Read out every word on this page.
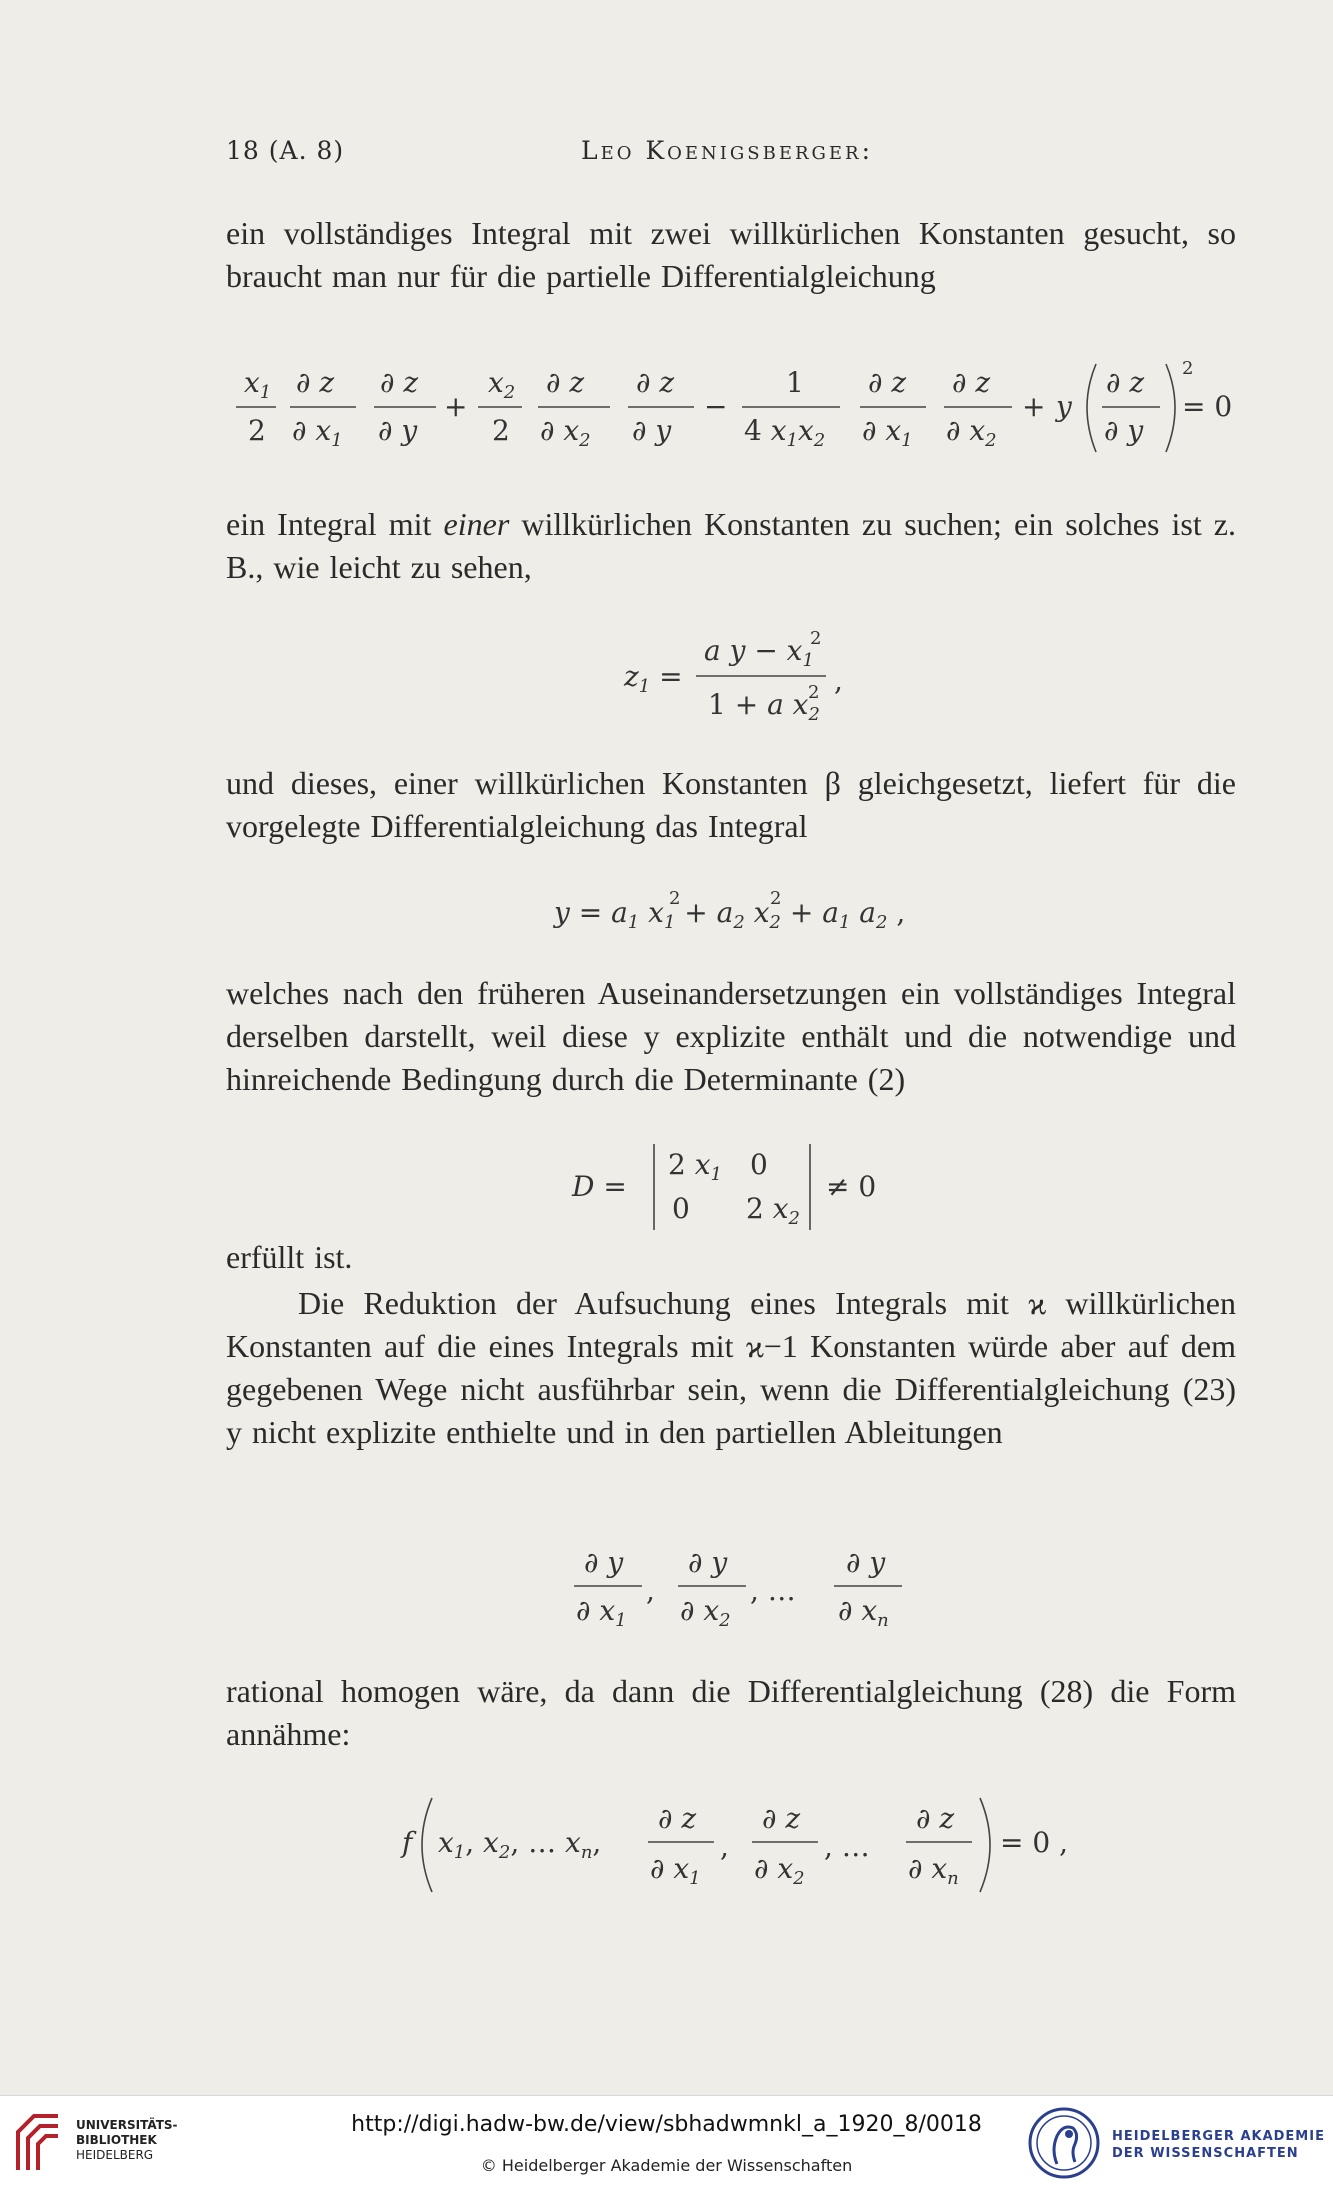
18 (A. 8)	Leo Koenigsberger:

ein vollständiges Integral mit zwei willkürlichen Konstanten gesucht, so braucht man nur für die partielle Differentialgleichung

$x_1$
2
∂ z
∂ $x_1$
∂ z
∂ y
+
$x_2$
2
∂ z
∂ $x_2$
∂ z
∂ y
−
1
4 $x_1x_2$
∂ z
∂ $x_1$
∂ z
∂ $x_2$
+ y
∂ z
∂ y
2
= 0

ein Integral mit einer willkürlichen Konstanten zu suchen; ein solches ist z. B., wie leicht zu sehen,

$z_1$ =
a $y - x_1$
2
1 + a $x_2$
2 ,

und dieses, einer willkürlichen Konstanten β gleichgesetzt, liefert für die vorgelegte Differentialgleichung das Integral

$y = a_1$ $x_1 + a_2$ $x_2 + a_1$ $a_2$ ,
2	2

welches nach den früheren Auseinandersetzungen ein vollständiges Integral derselben darstellt, weil diese y explizite enthält und die notwendige und hinreichende Bedingung durch die Determinante (2)

D =
2 $x_1$ 0
0 2 $x_2$
≠ 0

erfüllt ist.

Die Reduktion der Aufsuchung eines Integrals mit ϰ willkürlichen Konstanten auf die eines Integrals mit ϰ−1 Konstanten würde aber auf dem gegebenen Wege nicht ausführbar sein, wenn die Differentialgleichung (23) y nicht explizite enthielte und in den partiellen Ableitungen

∂ y
∂ $x_1$
,
∂ y
∂ $x_2$
, …
∂ y
∂ $x_n$

rational homogen wäre, da dann die Differentialgleichung (28) die Form annähme:

f $x_1$, $x_2$, … $x_n$,
∂ z
∂ $x_1$
,
∂ z
∂ $x_2$
, …
∂ z
∂ $x_n$
= 0 ,
UNIVERSITÄTS-
BIBLIOTHEK
HEIDELBERG
http://digi.hadw-bw.de/view/sbhadwmnkl_a_1920_8/0018
© Heidelberger Akademie der Wissenschaften
HEIDELBERGER AKADEMIE
DER WISSENSCHAFTEN
